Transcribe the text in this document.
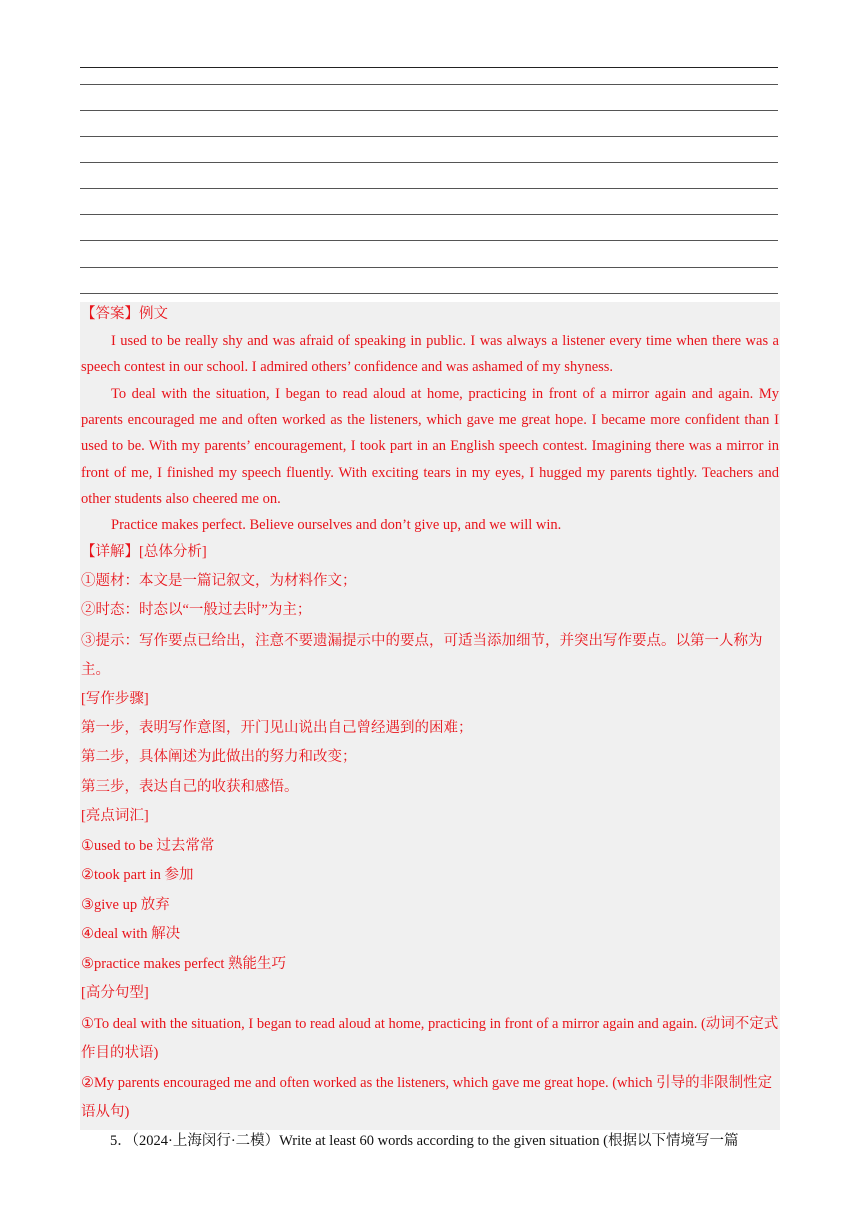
【答案】例文
I used to be really shy and was afraid of speaking in public. I was always a listener every time when there was a speech contest in our school. I admired others’ confidence and was ashamed of my shyness.
To deal with the situation, I began to read aloud at home, practicing in front of a mirror again and again. My parents encouraged me and often worked as the listeners, which gave me great hope. I became more confident than I used to be. With my parents’ encouragement, I took part in an English speech contest. Imagining there was a mirror in front of me, I finished my speech fluently. With exciting tears in my eyes, I hugged my parents tightly. Teachers and other students also cheered me on.
Practice makes perfect. Believe ourselves and don’t give up, and we will win.
【详解】[总体分析]
①题材：本文是一篇记叙文，为材料作文；
②时态：时态以“一般过去时”为主；
③提示：写作要点已给出，注意不要遗漏提示中的要点，可适当添加细节，并突出写作要点。以第一人称为主。
[写作步骤]
第一步，表明写作意图，开门见山说出自己曾经遇到的困难；
第二步，具体阐述为此做出的努力和改变；
第三步，表达自己的收获和感悟。
[亮点词汇]
①used to be 过去常常
②took part in 参加
③give up 放弃
④deal with 解决
⑤practice makes perfect 熟能生巧
[高分句型]
①To deal with the situation, I began to read aloud at home, practicing in front of a mirror again and again. (动词不定式作目的状语)
②My parents encouraged me and often worked as the listeners, which gave me great hope. (which 引导的非限制性定语从句)
5．（2024·上海闵行·二模）Write at least 60 words according to the given situation (根据以下情境写一篇
